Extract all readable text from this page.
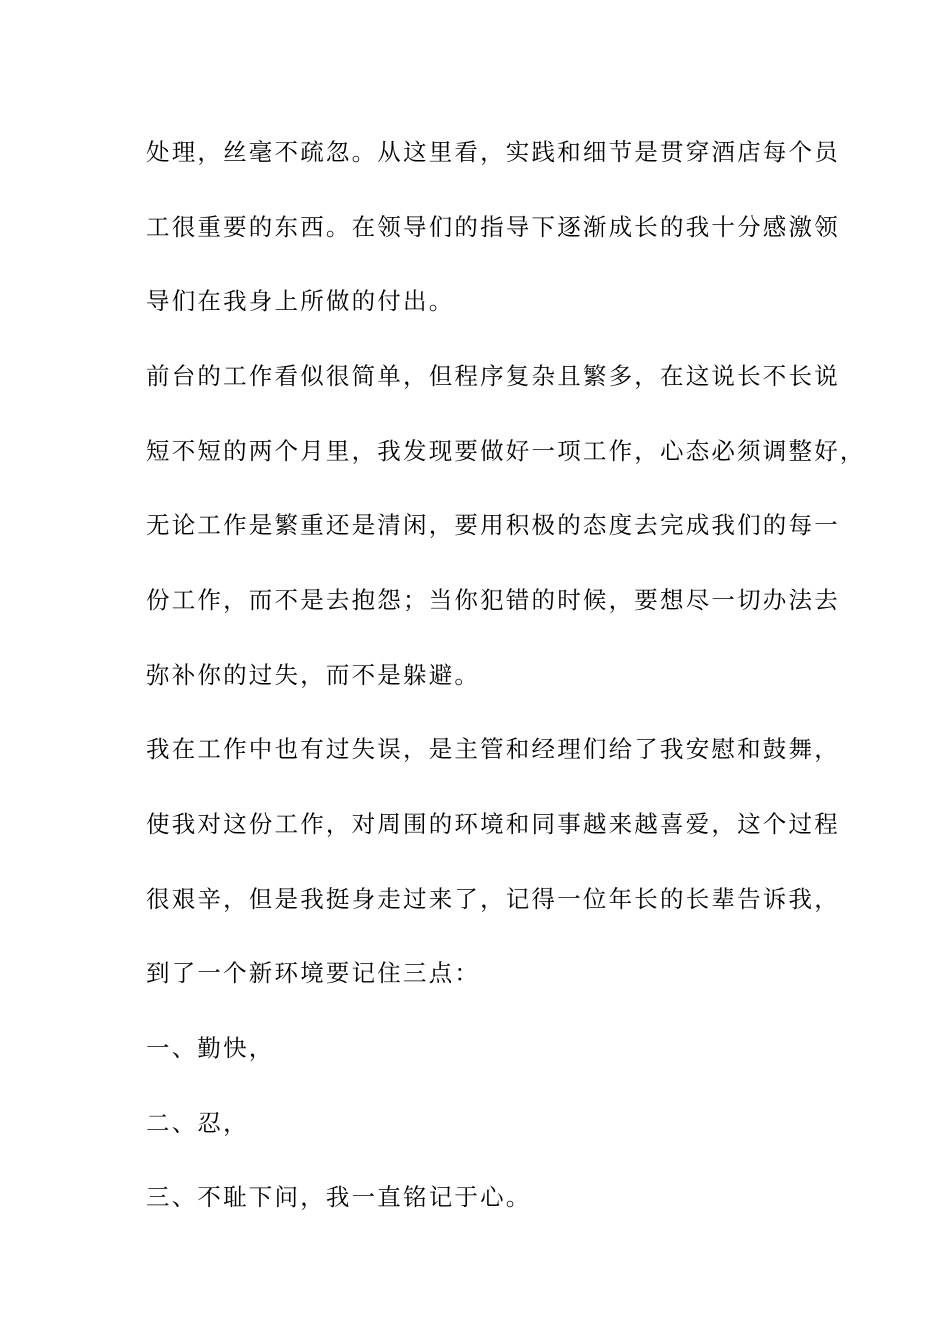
处理，丝毫不疏忽。从这里看，实践和细节是贯穿酒店每个员
工很重要的东西。在领导们的指导下逐渐成长的我十分感激领
导们在我身上所做的付出。
前台的工作看似很简单，但程序复杂且繁多，在这说长不长说
短不短的两个月里，我发现要做好一项工作，心态必须调整好，
无论工作是繁重还是清闲，要用积极的态度去完成我们的每一
份工作，而不是去抱怨；当你犯错的时候，要想尽一切办法去
弥补你的过失，而不是躲避。
我在工作中也有过失误，是主管和经理们给了我安慰和鼓舞，
使我对这份工作，对周围的环境和同事越来越喜爱，这个过程
很艰辛，但是我挺身走过来了，记得一位年长的长辈告诉我，
到了一个新环境要记住三点：
一、勤快，
二、忍，
三、不耻下问，我一直铭记于心。
